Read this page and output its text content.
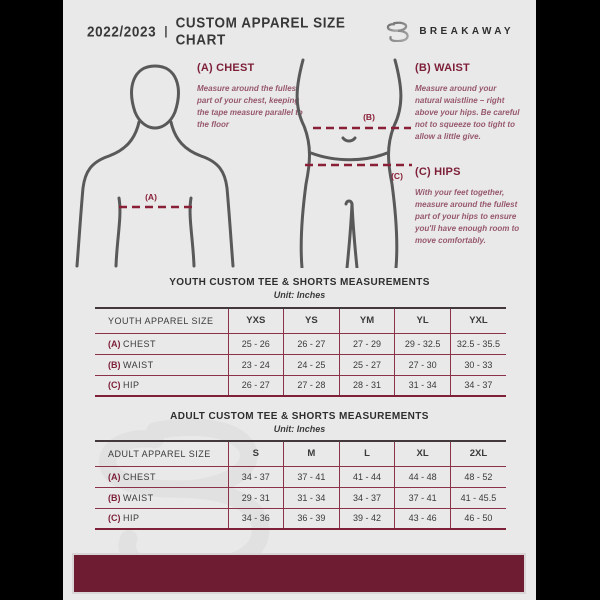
2022/2023 | CUSTOM APPAREL SIZE CHART	BREAKAWAY
(A)

(A) CHEST

Measure around the fullest part of your chest, keeping the tape measure parallel to the floor

(B)
(C)

(B) WAIST

Measure around your natural waistline – right above your hips. Be careful not to squeeze too tight to allow a little give.

(C) HIPS

With your feet together, measure around the fullest part of your hips to ensure you'll have enough room to move comfortably.

YOUTH CUSTOM TEE & SHORTS MEASUREMENTS
Unit: Inches
YOUTH APPAREL SIZE	YXS	YS	YM	YL	YXL
(A) CHEST	25 - 26	26 - 27	27 - 29	29 - 32.5	32.5 - 35.5
(B) WAIST	23 - 24	24 - 25	25 - 27	27 - 30	30 - 33
(C) HIP	26 - 27	27 - 28	28 - 31	31 - 34	34 - 37
ADULT CUSTOM TEE & SHORTS MEASUREMENTS
Unit: Inches
ADULT APPAREL SIZE	S	M	L	XL	2XL
(A) CHEST	34 - 37	37 - 41	41 - 44	44 - 48	48 - 52
(B) WAIST	29 - 31	31 - 34	34 - 37	37 - 41	41 - 45.5
(C) HIP	34 - 36	36 - 39	39 - 42	43 - 46	46 - 50
